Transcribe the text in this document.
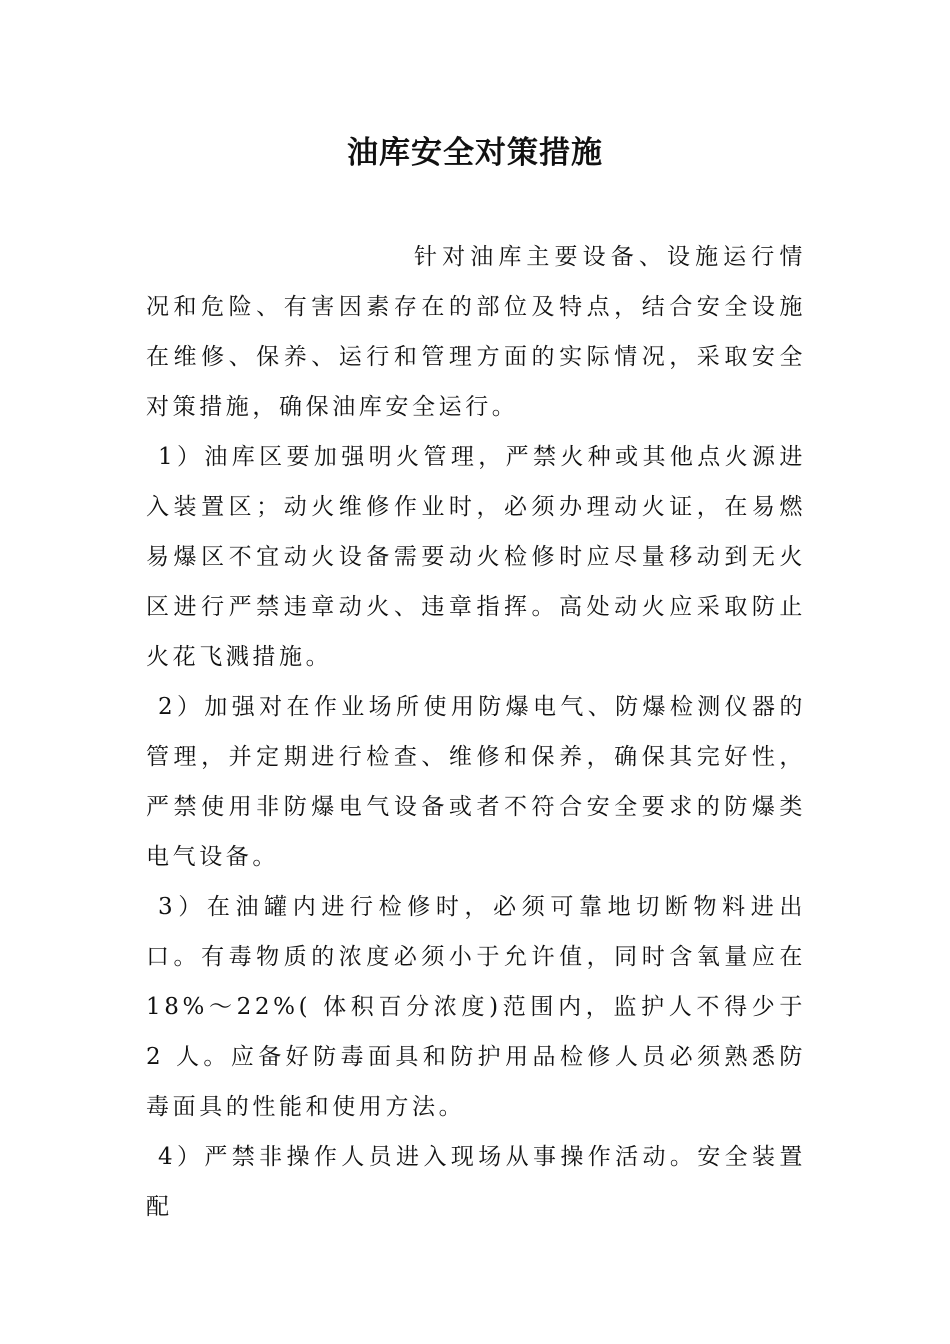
油库安全对策措施

针对油库主要设备、设施运行情况和危险、有害因素存在的部位及特点，结合安全设施在维修、保养、运行和管理方面的实际情况，采取安全对策措施，确保油库安全运行。

1）油库区要加强明火管理，严禁火种或其他点火源进入装置区；动火维修作业时，必须办理动火证，在易燃易爆区不宜动火设备需要动火检修时应尽量移动到无火区进行严禁违章动火、违章指挥。高处动火应采取防止火花飞溅措施。

2）加强对在作业场所使用防爆电气、防爆检测仪器的管理，并定期进行检查、维修和保养，确保其完好性，严禁使用非防爆电气设备或者不符合安全要求的防爆类电气设备。

3）在油罐内进行检修时，必须可靠地切断物料进出口。有毒物质的浓度必须小于允许值，同时含氧量应在 18%～22%( 体积百分浓度)范围内，监护人不得少于 2 人。应备好防毒面具和防护用品检修人员必须熟悉防毒面具的性能和使用方法。

4）严禁非操作人员进入现场从事操作活动。安全装置配
